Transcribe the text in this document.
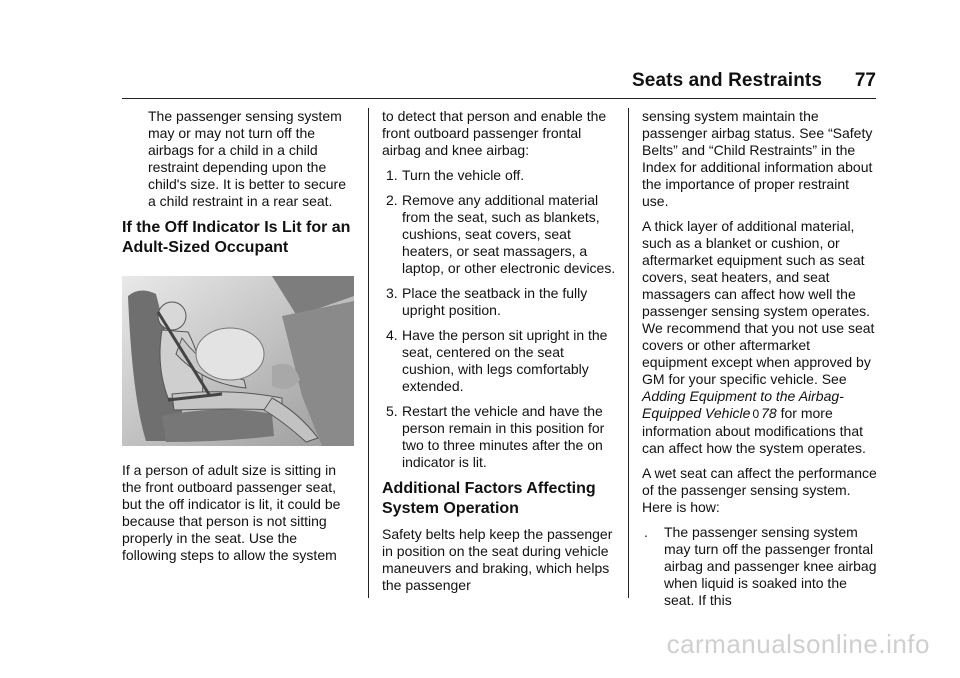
Seats and Restraints 77

The passenger sensing system may or may not turn off the airbags for a child in a child restraint depending upon the child's size. It is better to secure a child restraint in a rear seat.

If the Off Indicator Is Lit for an Adult-Sized Occupant

If a person of adult size is sitting in the front outboard passenger seat, but the off indicator is lit, it could be because that person is not sitting properly in the seat. Use the following steps to allow the system

to detect that person and enable the front outboard passenger frontal airbag and knee airbag:

1. Turn the vehicle off.
2. Remove any additional material from the seat, such as blankets, cushions, seat covers, seat heaters, or seat massagers, a laptop, or other electronic devices.
3. Place the seatback in the fully upright position.
4. Have the person sit upright in the seat, centered on the seat cushion, with legs comfortably extended.
5. Restart the vehicle and have the person remain in this position for two to three minutes after the on indicator is lit.
Additional Factors Affecting System Operation

Safety belts help keep the passenger in position on the seat during vehicle maneuvers and braking, which helps the passenger

sensing system maintain the passenger airbag status. See “Safety Belts” and “Child Restraints” in the Index for additional information about the importance of proper restraint use.

A thick layer of additional material, such as a blanket or cushion, or aftermarket equipment such as seat covers, seat heaters, and seat massagers can affect how well the passenger sensing system operates. We recommend that you not use seat covers or other aftermarket equipment except when approved by GM for your specific vehicle. See Adding Equipment to the Airbag-Equipped Vehicle 0 78 for more information about modifications that can affect how the system operates.

A wet seat can affect the performance of the passenger sensing system. Here is how:

. The passenger sensing system may turn off the passenger frontal airbag and passenger knee airbag when liquid is soaked into the seat. If this
carmanualsonline.info
